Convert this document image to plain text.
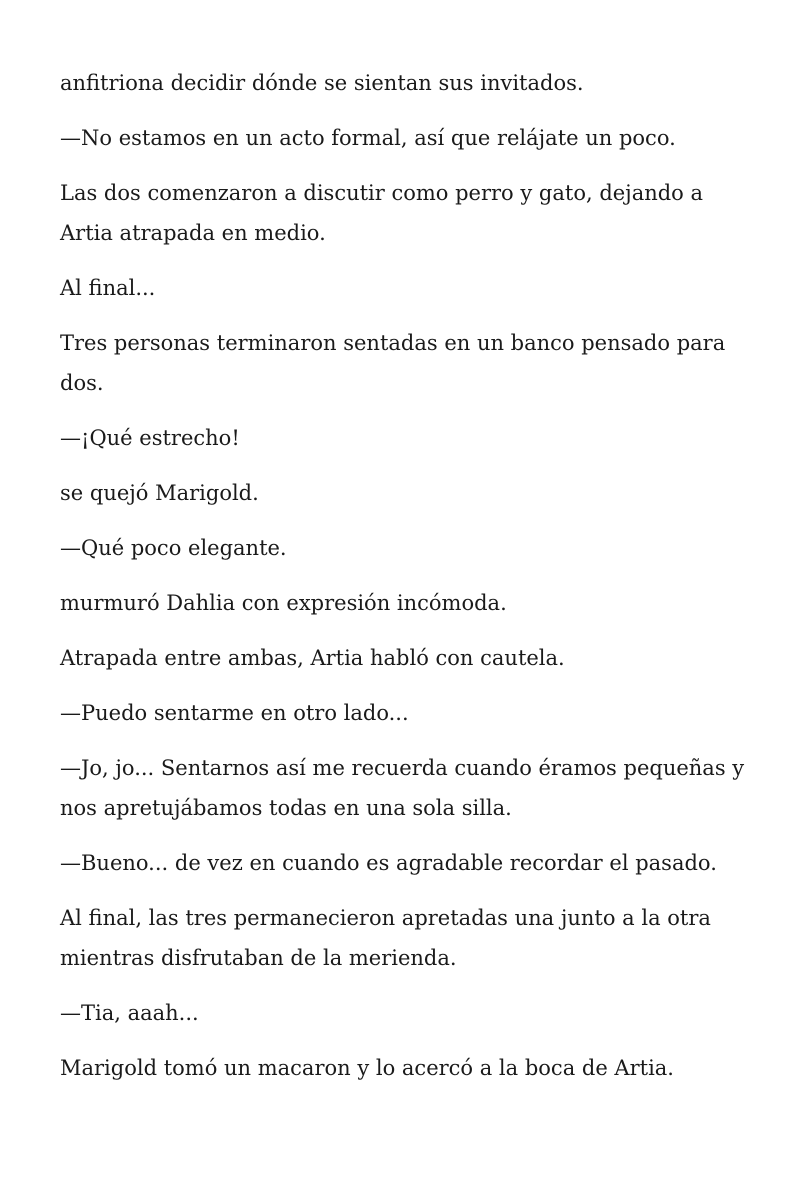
anfitriona decidir dónde se sientan sus invitados.

—No estamos en un acto formal, así que relájate un poco.

Las dos comenzaron a discutir como perro y gato, dejando a Artia atrapada en medio.

Al final...

Tres personas terminaron sentadas en un banco pensado para dos.

—¡Qué estrecho!

se quejó Marigold.

—Qué poco elegante.

murmuró Dahlia con expresión incómoda.

Atrapada entre ambas, Artia habló con cautela.

—Puedo sentarme en otro lado...

—Jo, jo... Sentarnos así me recuerda cuando éramos pequeñas y nos apretujábamos todas en una sola silla.

—Bueno... de vez en cuando es agradable recordar el pasado.

Al final, las tres permanecieron apretadas una junto a la otra mientras disfrutaban de la merienda.

—Tia, aaah...

Marigold tomó un macaron y lo acercó a la boca de Artia.
